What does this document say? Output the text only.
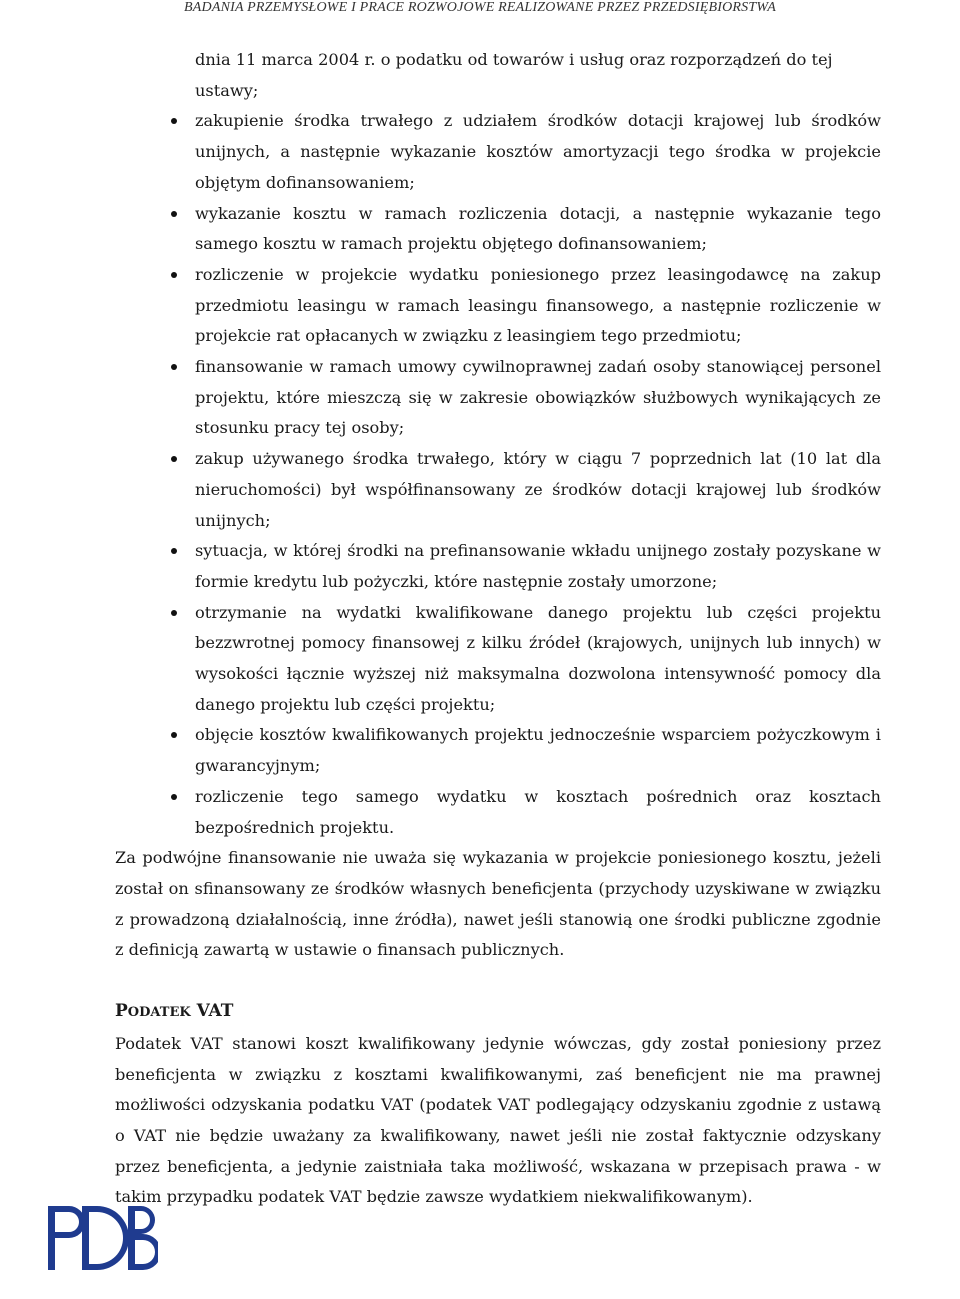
BADANIA PRZEMYSŁOWE I PRACE ROZWOJOWE REALIZOWANE PRZEZ PRZEDSIĘBIORSTWA

dnia 11 marca 2004 r. o podatku od towarów i usług oraz rozporządzeń do tej ustawy;

zakupienie środka trwałego z udziałem środków dotacji krajowej lub środków unijnych, a następnie wykazanie kosztów amortyzacji tego środka w projekcie objętym dofinansowaniem;
wykazanie kosztu w ramach rozliczenia dotacji, a następnie wykazanie tego samego kosztu w ramach projektu objętego dofinansowaniem;
rozliczenie w projekcie wydatku poniesionego przez leasingodawcę na zakup przedmiotu leasingu w ramach leasingu finansowego, a następnie rozliczenie w projekcie rat opłacanych w związku z leasingiem tego przedmiotu;
finansowanie w ramach umowy cywilnoprawnej zadań osoby stanowiącej personel projektu, które mieszczą się w zakresie obowiązków służbowych wynikających ze stosunku pracy tej osoby;
zakup używanego środka trwałego, który w ciągu 7 poprzednich lat (10 lat dla nieruchomości) był współfinansowany ze środków dotacji krajowej lub środków unijnych;
sytuacja, w której środki na prefinansowanie wkładu unijnego zostały pozyskane w formie kredytu lub pożyczki, które następnie zostały umorzone;
otrzymanie na wydatki kwalifikowane danego projektu lub części projektu bezzwrotnej pomocy finansowej z kilku źródeł (krajowych, unijnych lub innych) w wysokości łącznie wyższej niż maksymalna dozwolona intensywność pomocy dla danego projektu lub części projektu;
objęcie kosztów kwalifikowanych projektu jednocześnie wsparciem pożyczkowym i gwarancyjnym;
rozliczenie tego samego wydatku w kosztach pośrednich oraz kosztach bezpośrednich projektu.

Za podwójne finansowanie nie uważa się wykazania w projekcie poniesionego kosztu, jeżeli został on sfinansowany ze środków własnych beneficjenta (przychody uzyskiwane w związku z prowadzoną działalnością, inne źródła), nawet jeśli stanowią one środki publiczne zgodnie z definicją zawartą w ustawie o finansach publicznych.

PODATEK VAT

Podatek VAT stanowi koszt kwalifikowany jedynie wówczas, gdy został poniesiony przez beneficjenta w związku z kosztami kwalifikowanymi, zaś beneficjent nie ma prawnej możliwości odzyskania podatku VAT (podatek VAT podlegający odzyskaniu zgodnie z ustawą o VAT nie będzie uważany za kwalifikowany, nawet jeśli nie został faktycznie odzyskany przez beneficjenta, a jedynie zaistniała taka możliwość, wskazana w przepisach prawa - w takim przypadku podatek VAT będzie zawsze wydatkiem niekwalifikowanym).
